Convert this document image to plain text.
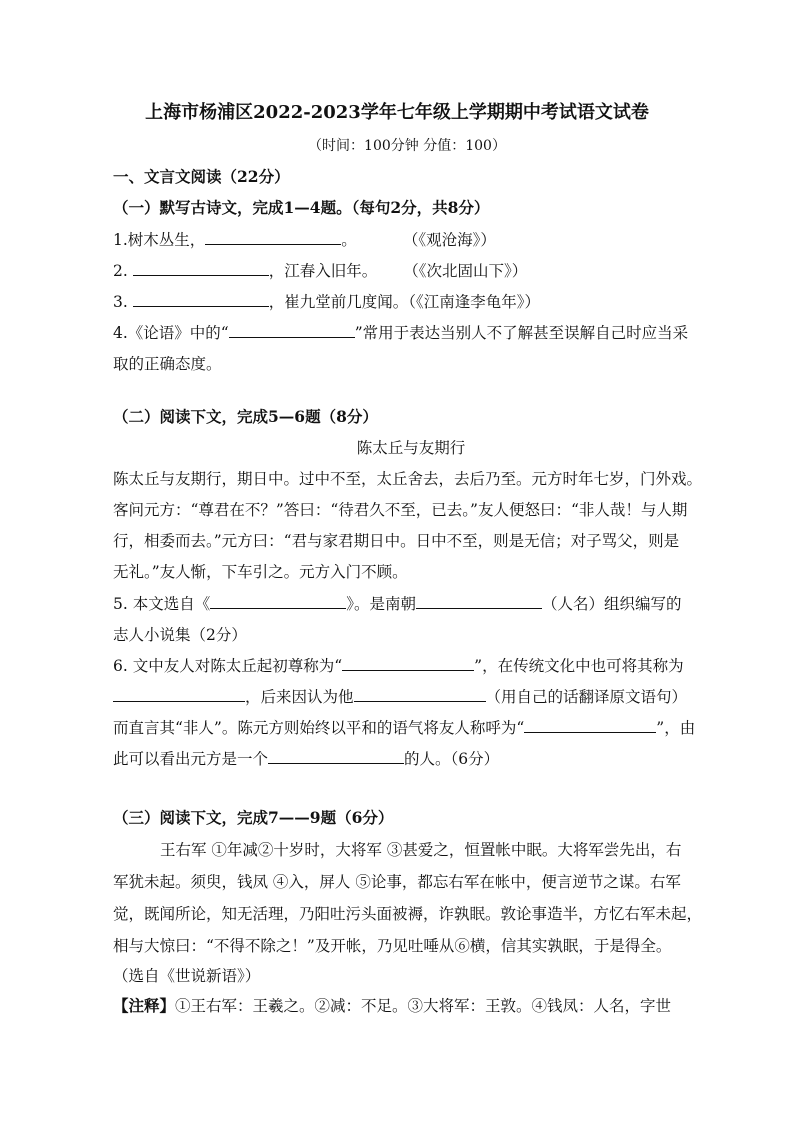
上海市杨浦区2022-2023学年七年级上学期期中考试语文试卷
（时间：100分钟 分值：100）
一、文言文阅读（22分）
（一）默写古诗文，完成1—4题。（每句2分，共8分）
1.树木丛生，	。	（《观沧海》）
2.	，江春入旧年。 （《次北固山下》）
3.	，崔九堂前几度闻。（《江南逢李龟年》）
4.《论语》中的“	”常用于表达当别人不了解甚至误解自己时应当采
取的正确态度。
（二）阅读下文，完成5—6题（8分）
陈太丘与友期行
陈太丘与友期行，期日中。过中不至，太丘舍去，去后乃至。元方时年七岁，门外戏。
客问元方：“尊君在不？”答曰：“待君久不至，已去。”友人便怒曰：“非人哉！与人期
行，相委而去。”元方曰：“君与家君期日中。日中不至，则是无信；对子骂父，则是
无礼。”友人惭，下车引之。元方入门不顾。
5. 本文选自《	》。是南朝	（人名）组织编写的
志人小说集（2分）
6. 文中友人对陈太丘起初尊称为“	”，在传统文化中也可将其称为
，后来因认为他	（用自己的话翻译原文语句）
而直言其“非人”。陈元方则始终以平和的语气将友人称呼为“	”，由
此可以看出元方是一个	的人。（6分）
（三）阅读下文，完成7——9题（6分）
王右军 ①年减②十岁时，大将军 ③甚爱之，恒置帐中眠。大将军尝先出，右
军犹未起。须臾，钱凤 ④入，屏人 ⑤论事，都忘右军在帐中，便言逆节之谋。右军
觉，既闻所论，知无活理，乃阳吐污头面被褥，诈孰眠。敦论事造半，方忆右军未起，
相与大惊曰：“不得不除之！”及开帐，乃见吐唾从⑥横，信其实孰眠，于是得全。
（选自《世说新语》）
【注释】①王右军：王羲之。②减：不足。③大将军：王敦。④钱凤：人名，字世
